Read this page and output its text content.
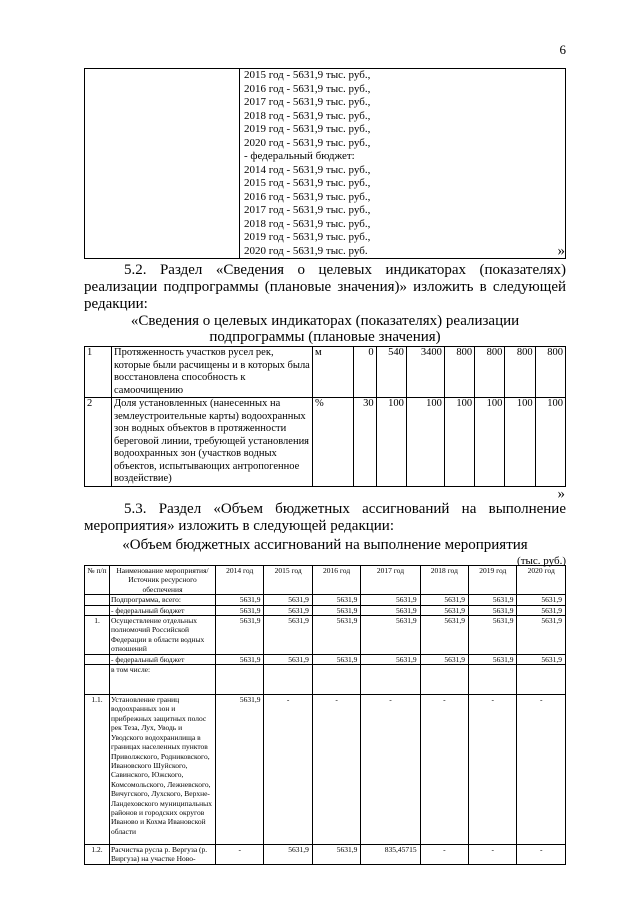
6

2015 год - 5631,9 тыс. руб.,
2016 год - 5631,9 тыс. руб.,
2017 год - 5631,9 тыс. руб.,
2018 год - 5631,9 тыс. руб.,
2019 год - 5631,9 тыс. руб.,
2020 год - 5631,9 тыс. руб.,
- федеральный бюджет:
2014 год - 5631,9 тыс. руб.,
2015 год - 5631,9 тыс. руб.,
2016 год - 5631,9 тыс. руб.,
2017 год - 5631,9 тыс. руб.,
2018 год - 5631,9 тыс. руб.,
2019 год - 5631,9 тыс. руб.,
2020 год - 5631,9 тыс. руб.	»
5.2. Раздел «Сведения о целевых индикаторах (показателях) реализации подпрограммы (плановые значения)» изложить в следующей редакции:
«Сведения о целевых индикаторах (показателях) реализации подпрограммы (плановые значения)
1	Протяженность участков русел рек, которые были расчищены и в которых была восстановлена способность к самоочищению	м	0	540	3400	800	800	800	800
2	Доля установленных (нанесенных на землеустроительные карты) водоохранных зон водных объектов в протяженности береговой линии, требующей установления водоохранных зон (участков водных объектов, испытывающих антропогенное воздействие)	%	30	100	100	100	100	100	100
»
5.3. Раздел «Объем бюджетных ассигнований на выполнение мероприятия» изложить в следующей редакции:
«Объем бюджетных ассигнований на выполнение мероприятия
(тыс. руб.)
№ п/п	Наименование мероприятия/Источник ресурсного обеспечения	2014 год	2015 год	2016 год	2017 год	2018 год	2019 год	2020 год
	Подпрограмма, всего:	5631,9	5631,9	5631,9	5631,9	5631,9	5631,9	5631,9
	- федеральный бюджет	5631,9	5631,9	5631,9	5631,9	5631,9	5631,9	5631,9
1.	Осуществление отдельных полномочий Российской Федерации в области водных отношений	5631,9	5631,9	5631,9	5631,9	5631,9	5631,9	5631,9
	- федеральный бюджет	5631,9	5631,9	5631,9	5631,9	5631,9	5631,9	5631,9
	в том числе:							
1.1.	Установление границ водоохранных зон и прибрежных защитных полос рек Теза, Лух, Уводь и Уводского водохранилища в границах населенных пунктов Приволжского, Родниковского, Ивановского Шуйского, Савинского, Южского, Комсомольского, Лежневского, Вичугского, Лухского, Верхне-Ландеховского муниципальных районов и городских округов Иваново и Кохма Ивановской области	5631,9	-	-	-	-	-	-
1.2.	Расчистка русла р. Вергуза (р. Виргуза) на участке Ново-	-	5631,9	5631,9	835,45715	-	-	-
